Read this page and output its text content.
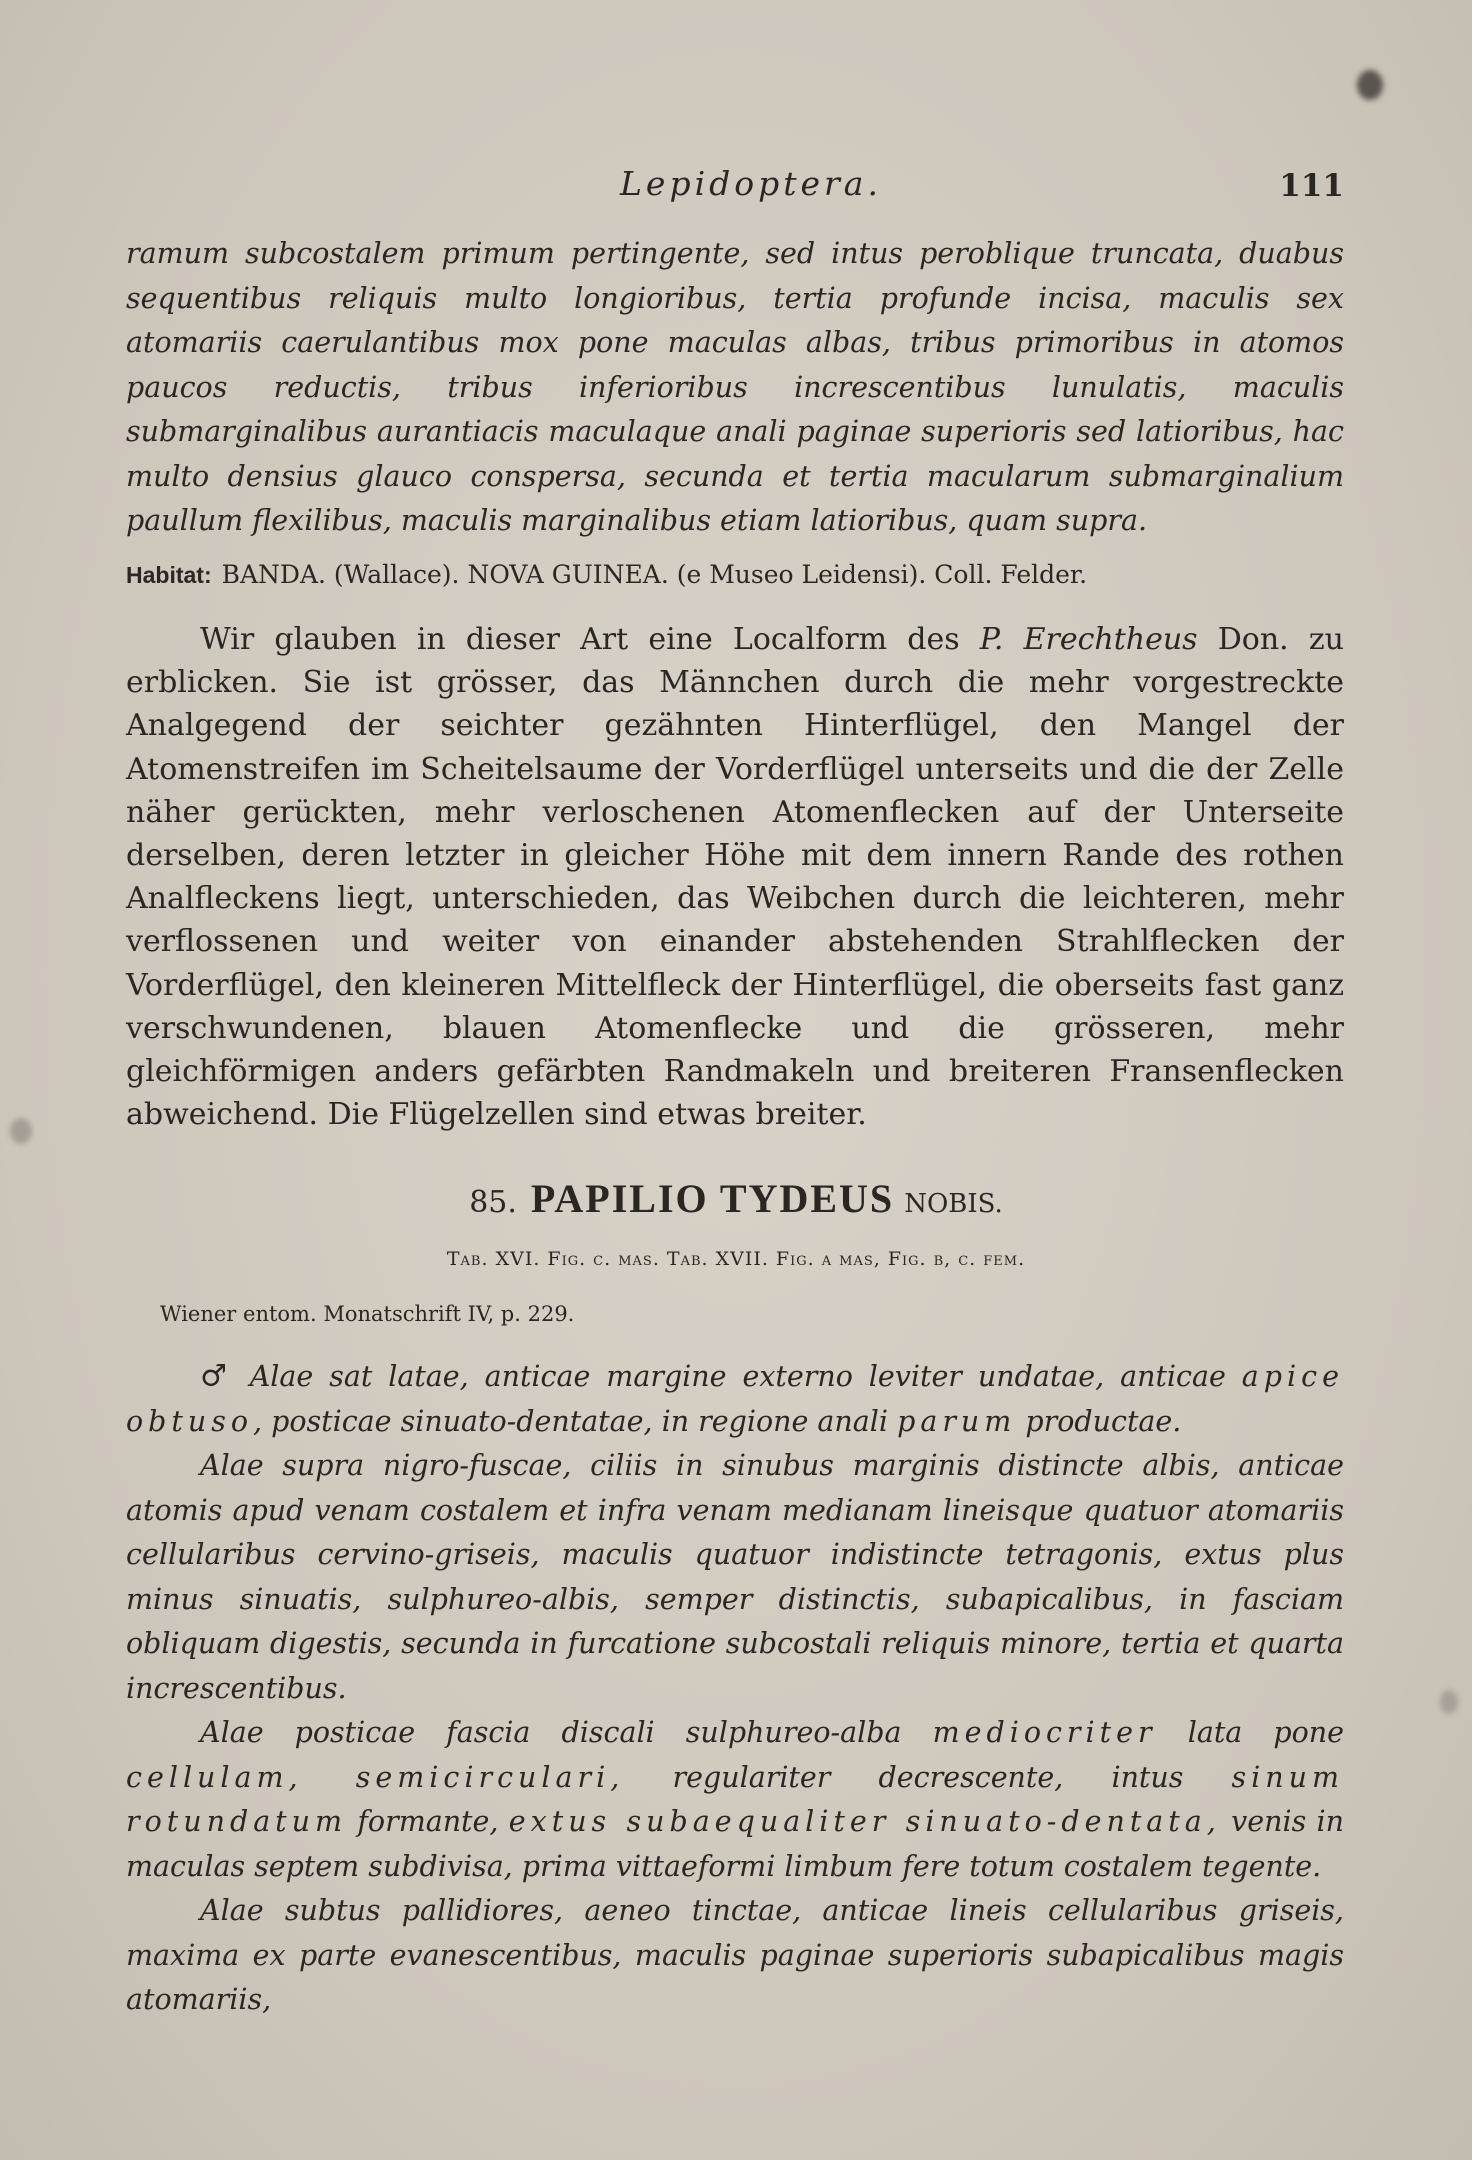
Lepidoptera.	111

ramum subcostalem primum pertingente, sed intus peroblique truncata, duabus sequentibus reliquis multo longioribus, tertia profunde incisa, maculis sex atomariis caerulantibus mox pone maculas albas, tribus primoribus in atomos paucos reductis, tribus inferioribus increscentibus lunulatis, maculis submarginalibus aurantiacis maculaque anali paginae superioris sed latioribus, hac multo densius glauco conspersa, secunda et tertia macularum submarginalium paullum flexilibus, maculis marginalibus etiam latioribus, quam supra.

Habitat: BANDA. (Wallace). NOVA GUINEA. (e Museo Leidensi). Coll. Felder.

Wir glauben in dieser Art eine Localform des P. Erechtheus Don. zu erblicken. Sie ist grösser, das Männchen durch die mehr vorgestreckte Analgegend der seichter gezähnten Hinterflügel, den Mangel der Atomenstreifen im Scheitelsaume der Vorderflügel unterseits und die der Zelle näher gerückten, mehr verloschenen Atomenflecken auf der Unterseite derselben, deren letzter in gleicher Höhe mit dem innern Rande des rothen Analfleckens liegt, unterschieden, das Weibchen durch die leichteren, mehr verflossenen und weiter von einander abstehenden Strahlflecken der Vorderflügel, den kleineren Mittelfleck der Hinterflügel, die oberseits fast ganz verschwundenen, blauen Atomenflecke und die grösseren, mehr gleichförmigen anders gefärbten Randmakeln und breiteren Fransenflecken abweichend. Die Flügelzellen sind etwas breiter.

85. PAPILIO TYDEUS NOBIS.
Tab. XVI. Fig. c. mas. Tab. XVII. Fig. a mas, Fig. b, c. fem.
Wiener entom. Monatschrift IV, p. 229.

♂ Alae sat latae, anticae margine externo leviter undatae, anticae apice obtuso, posticae sinuato-dentatae, in regione anali parum productae.

Alae supra nigro-fuscae, ciliis in sinubus marginis distincte albis, anticae atomis apud venam costalem et infra venam medianam lineisque quatuor atomariis cellularibus cervino-griseis, maculis quatuor indistincte tetragonis, extus plus minus sinuatis, sulphureo-albis, semper distinctis, subapicalibus, in fasciam obliquam digestis, secunda in furcatione subcostali reliquis minore, tertia et quarta increscentibus.

Alae posticae fascia discali sulphureo-alba mediocriter lata pone cellulam, semicirculari, regulariter decrescente, intus sinum rotundatum formante, extus subaequaliter sinuato-dentata, venis in maculas septem subdivisa, prima vittaeformi limbum fere totum costalem tegente.

Alae subtus pallidiores, aeneo tinctae, anticae lineis cellularibus griseis, maxima ex parte evanescentibus, maculis paginae superioris subapicalibus magis atomariis,
